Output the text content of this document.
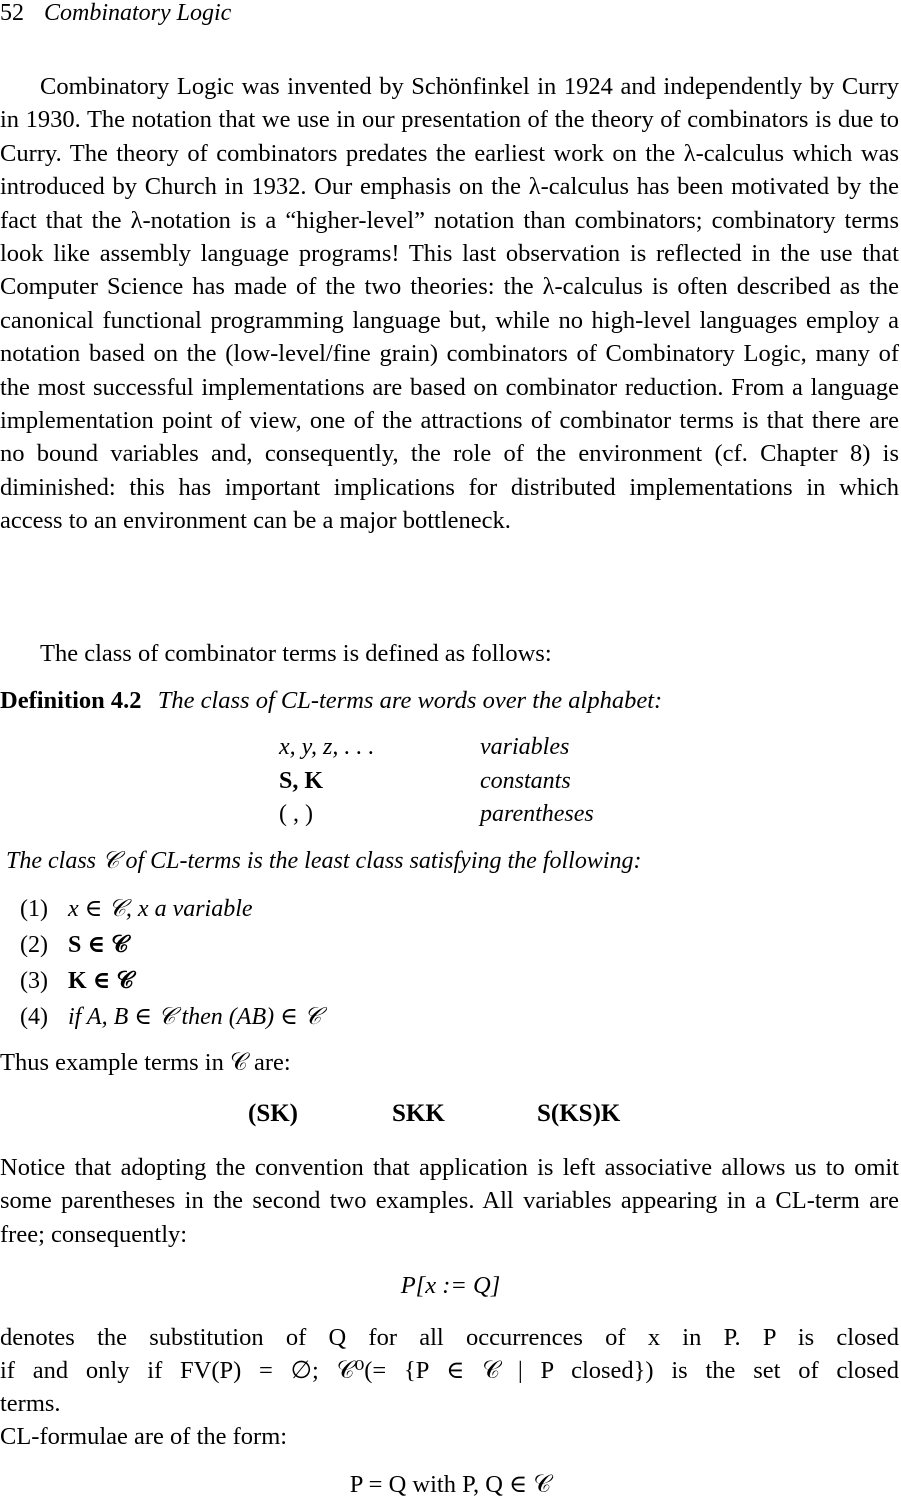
52 Combinatory Logic
Combinatory Logic was invented by Schönfinkel in 1924 and independently by Curry in 1930. The notation that we use in our presentation of the theory of combinators is due to Curry. The theory of combinators predates the earliest work on the λ-calculus which was introduced by Church in 1932. Our emphasis on the λ-calculus has been motivated by the fact that the λ-notation is a “higher-level” notation than combinators; combinatory terms look like assembly language programs! This last observation is reflected in the use that Computer Science has made of the two theories: the λ-calculus is often described as the canonical functional programming language but, while no high-level languages employ a notation based on the (low-level/fine grain) combinators of Combinatory Logic, many of the most successful implementations are based on combinator reduction. From a language implementation point of view, one of the attractions of combinator terms is that there are no bound variables and, consequently, the role of the environment (cf. Chapter 8) is diminished: this has important implications for distributed implementations in which access to an environment can be a major bottleneck.
The class of combinator terms is defined as follows:
Definition 4.2 The class of CL-terms are words over the alphabet:
x, y, z, . . .	variables
S, K	constants
( , )	parentheses
The class 𝒞 of CL-terms is the least class satisfying the following:
(1) x ∈ 𝒞, x a variable
(2) S ∈ 𝒞
(3) K ∈ 𝒞
(4) if A, B ∈ 𝒞 then (AB) ∈ 𝒞
Thus example terms in 𝒞 are:
(SK)	SKK	S(KS)K
Notice that adopting the convention that application is left associative allows us to omit some parentheses in the second two examples. All variables appearing in a CL-term are free; consequently:
P[x := Q]
denotes the substitution of Q for all occurrences of x in P. P is closed
if and only if FV(P) = ∅; 𝒞⁰(= {P ∈ 𝒞 | P closed}) is the set of closed
terms.
CL-formulae are of the form:
P = Q with P, Q ∈ 𝒞
